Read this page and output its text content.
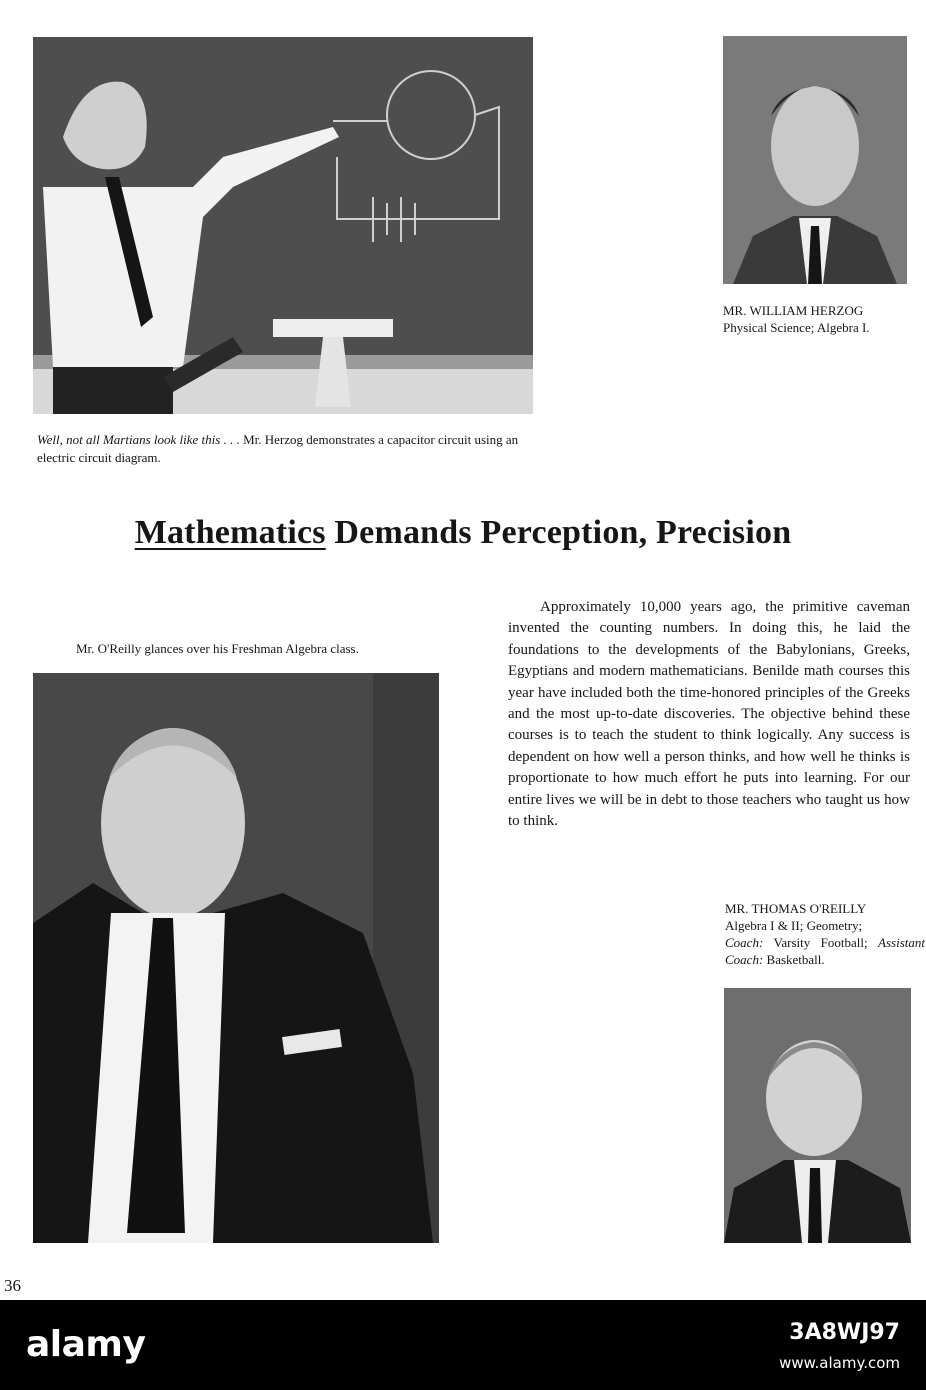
Well, not all Martians look like this . . . Mr. Herzog demonstrates a capacitor circuit using an electric circuit diagram.
MR. WILLIAM HERZOG
Physical Science; Algebra I.
Mathematics Demands Perception, Precision
Mr. O'Reilly glances over his Freshman Algebra class.
Approximately 10,000 years ago, the primitive caveman invented the counting numbers. In doing this, he laid the foundations to the developments of the Babylonians, Greeks, Egyptians and modern mathematicians. Benilde math courses this year have included both the time-honored principles of the Greeks and the most up-to-date discoveries. The objective behind these courses is to teach the student to think logically. Any success is dependent on how well a person thinks, and how well he thinks is proportionate to how much effort he puts into learning. For our entire lives we will be in debt to those teachers who taught us how to think.
MR. THOMAS O'REILLY
Algebra I & II; Geometry;
Coach: Varsity Football; Assistant Coach: Basketball.
36
alamy	3A8WJ97
www.alamy.com
